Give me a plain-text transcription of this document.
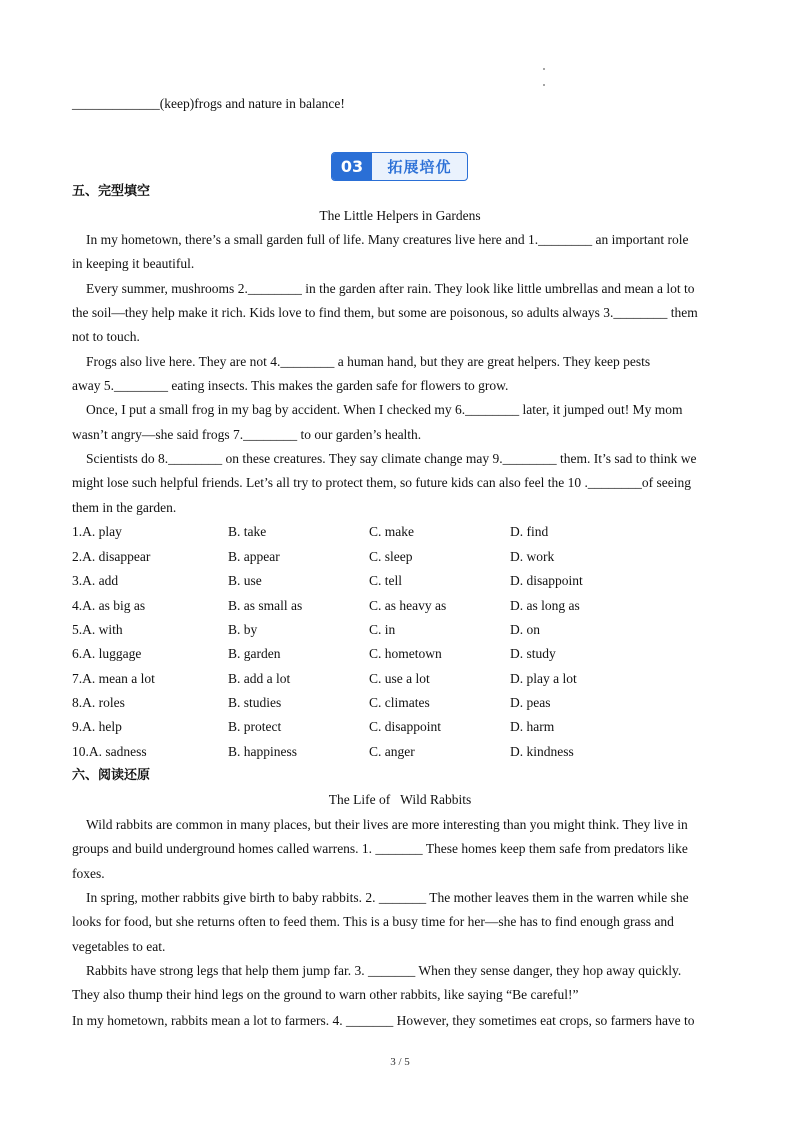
_____________(keep)frogs and nature in balance!
03	拓展培优
五、完型填空
The Little Helpers in Gardens
In my hometown, there’s a small garden full of life. Many creatures live here and 1.________ an important role
in keeping it beautiful.
Every summer, mushrooms 2.________ in the garden after rain. They look like little umbrellas and mean a lot to
the soil—they help make it rich. Kids love to find them, but some are poisonous, so adults always 3.________ them
not to touch.
Frogs also live here. They are not 4.________ a human hand, but they are great helpers. They keep pests
away 5.________ eating insects. This makes the garden safe for flowers to grow.
Once, I put a small frog in my bag by accident. When I checked my 6.________ later, it jumped out! My mom
wasn’t angry—she said frogs 7.________ to our garden’s health.
Scientists do 8.________ on these creatures. They say climate change may 9.________ them. It’s sad to think we
might lose such helpful friends. Let’s all try to protect them, so future kids can also feel the 10 .________of seeing
them in the garden.
1.A. play	B. take	C. make	D. find
2.A. disappear	B. appear	C. sleep	D. work
3.A. add	B. use	C. tell	D. disappoint
4.A. as big as	B. as small as	C. as heavy as	D. as long as
5.A. with	B. by	C. in	D. on
6.A. luggage	B. garden	C. hometown	D. study
7.A. mean a lot	B. add a lot	C. use a lot	D. play a lot
8.A. roles	B. studies	C. climates	D. peas
9.A. help	B. protect	C. disappoint	D. harm
10.A. sadness	B. happiness	C. anger	D. kindness
六、阅读还原
The Life of   Wild Rabbits
Wild rabbits are common in many places, but their lives are more interesting than you might think. They live in
groups and build underground homes called warrens. 1. _______ These homes keep them safe from predators like
foxes.
In spring, mother rabbits give birth to baby rabbits. 2. _______ The mother leaves them in the warren while she
looks for food, but she returns often to feed them. This is a busy time for her—she has to find enough grass and
vegetables to eat.
Rabbits have strong legs that help them jump far. 3. _______ When they sense danger, they hop away quickly.
They also thump their hind legs on the ground to warn other rabbits, like saying “Be careful!”
In my hometown, rabbits mean a lot to farmers. 4. _______ However, they sometimes eat crops, so farmers have to
3 / 5
